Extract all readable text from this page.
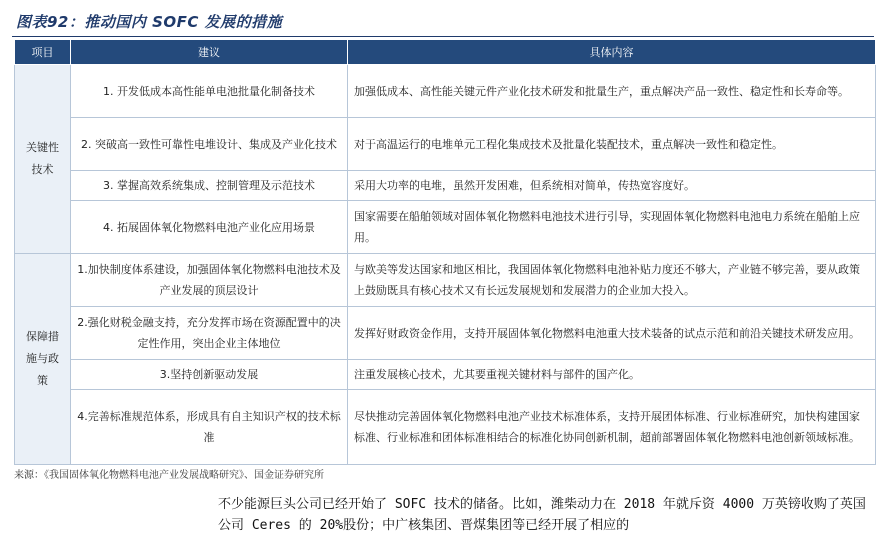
图表92：推动国内 SOFC 发展的措施
项目	建议	具体内容
关键性
技术	1. 开发低成本高性能单电池批量化制备技术	加强低成本、高性能关键元件产业化技术研发和批量生产，重点解决产品一致性、稳定性和长寿命等。
	2. 突破高一致性可靠性电堆设计、集成及产业化技术	对于高温运行的电堆单元工程化集成技术及批量化装配技术，重点解决一致性和稳定性。
	3. 掌握高效系统集成、控制管理及示范技术	采用大功率的电堆，虽然开发困难，但系统相对简单，传热宽容度好。
	4. 拓展固体氧化物燃料电池产业化应用场景	国家需要在船舶领域对固体氧化物燃料电池技术进行引导，实现固体氧化物燃料电池电力系统在船舶上应用。
保障措
施与政
策	1.加快制度体系建设，加强固体氧化物燃料电池技术及产业发展的顶层设计	与欧美等发达国家和地区相比，我国固体氧化物燃料电池补贴力度还不够大，产业链不够完善，要从政策上鼓励既具有核心技术又有长远发展规划和发展潜力的企业加大投入。
	2.强化财税金融支持，充分发挥市场在资源配置中的决定性作用，突出企业主体地位	发挥好财政资金作用，支持开展固体氧化物燃料电池重大技术装备的试点示范和前沿关键技术研发应用。
	3.坚持创新驱动发展	注重发展核心技术，尤其要重视关键材料与部件的国产化。
	4.完善标准规范体系，形成具有自主知识产权的技术标准	尽快推动完善固体氧化物燃料电池产业技术标准体系，支持开展团体标准、行业标准研究，加快构建国家标准、行业标准和团体标准相结合的标准化协同创新机制，超前部署固体氧化物燃料电池创新领域标准。
来源：《我国固体氧化物燃料电池产业发展战略研究》、国金证券研究所
不少能源巨头公司已经开始了 SOFC 技术的储备。比如，潍柴动力在 2018 年就斥资 4000 万英镑收购了英国公司 Ceres 的 20%股份；中广核集团、晋煤集团等已经开展了相应的
